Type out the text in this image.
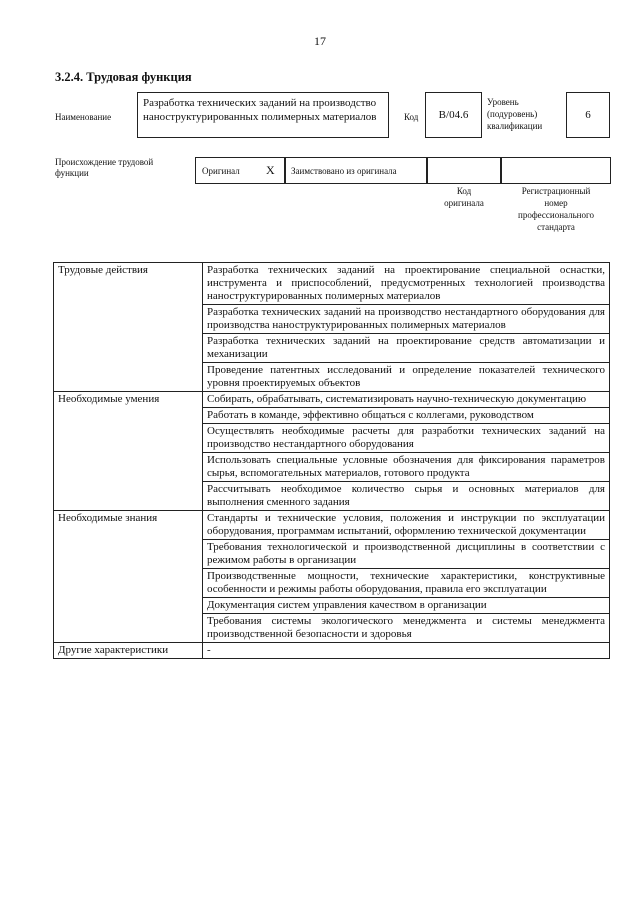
17
3.2.4. Трудовая функция
Наименование
Разработка технических заданий на производство наноструктурированных полимерных материалов	Код	B/04.6
Уровень
(подуровень)
квалификации
6
Происхождение трудовой
функции	Оригинал X Заимствовано из оригинала
Код
оригинала
Регистрационный
номер
профессионального
стандарта
Трудовые действия	Разработка технических заданий на проектирование специальной оснастки, инструмента и приспособлений, предусмотренных технологией производства наноструктурированных полимерных материалов
	Разработка технических заданий на производство нестандартного оборудования для производства наноструктурированных полимерных материалов
	Разработка технических заданий на проектирование средств автоматизации и механизации
	Проведение патентных исследований и определение показателей технического уровня проектируемых объектов
Необходимые умения	Собирать, обрабатывать, систематизировать научно-техническую документацию
	Работать в команде, эффективно общаться с коллегами, руководством
	Осуществлять необходимые расчеты для разработки технических заданий на производство нестандартного оборудования
	Использовать специальные условные обозначения для фиксирования параметров сырья, вспомогательных материалов, готового продукта
	Рассчитывать необходимое количество сырья и основных материалов для выполнения сменного задания
Необходимые знания	Стандарты и технические условия, положения и инструкции по эксплуатации оборудования, программам испытаний, оформлению технической документации
	Требования технологической и производственной дисциплины в соответствии с режимом работы в организации
	Производственные мощности, технические характеристики, конструктивные особенности и режимы работы оборудования, правила его эксплуатации
	Документация систем управления качеством в организации
	Требования системы экологического менеджмента и системы менеджмента производственной безопасности и здоровья
Другие характеристики	-
